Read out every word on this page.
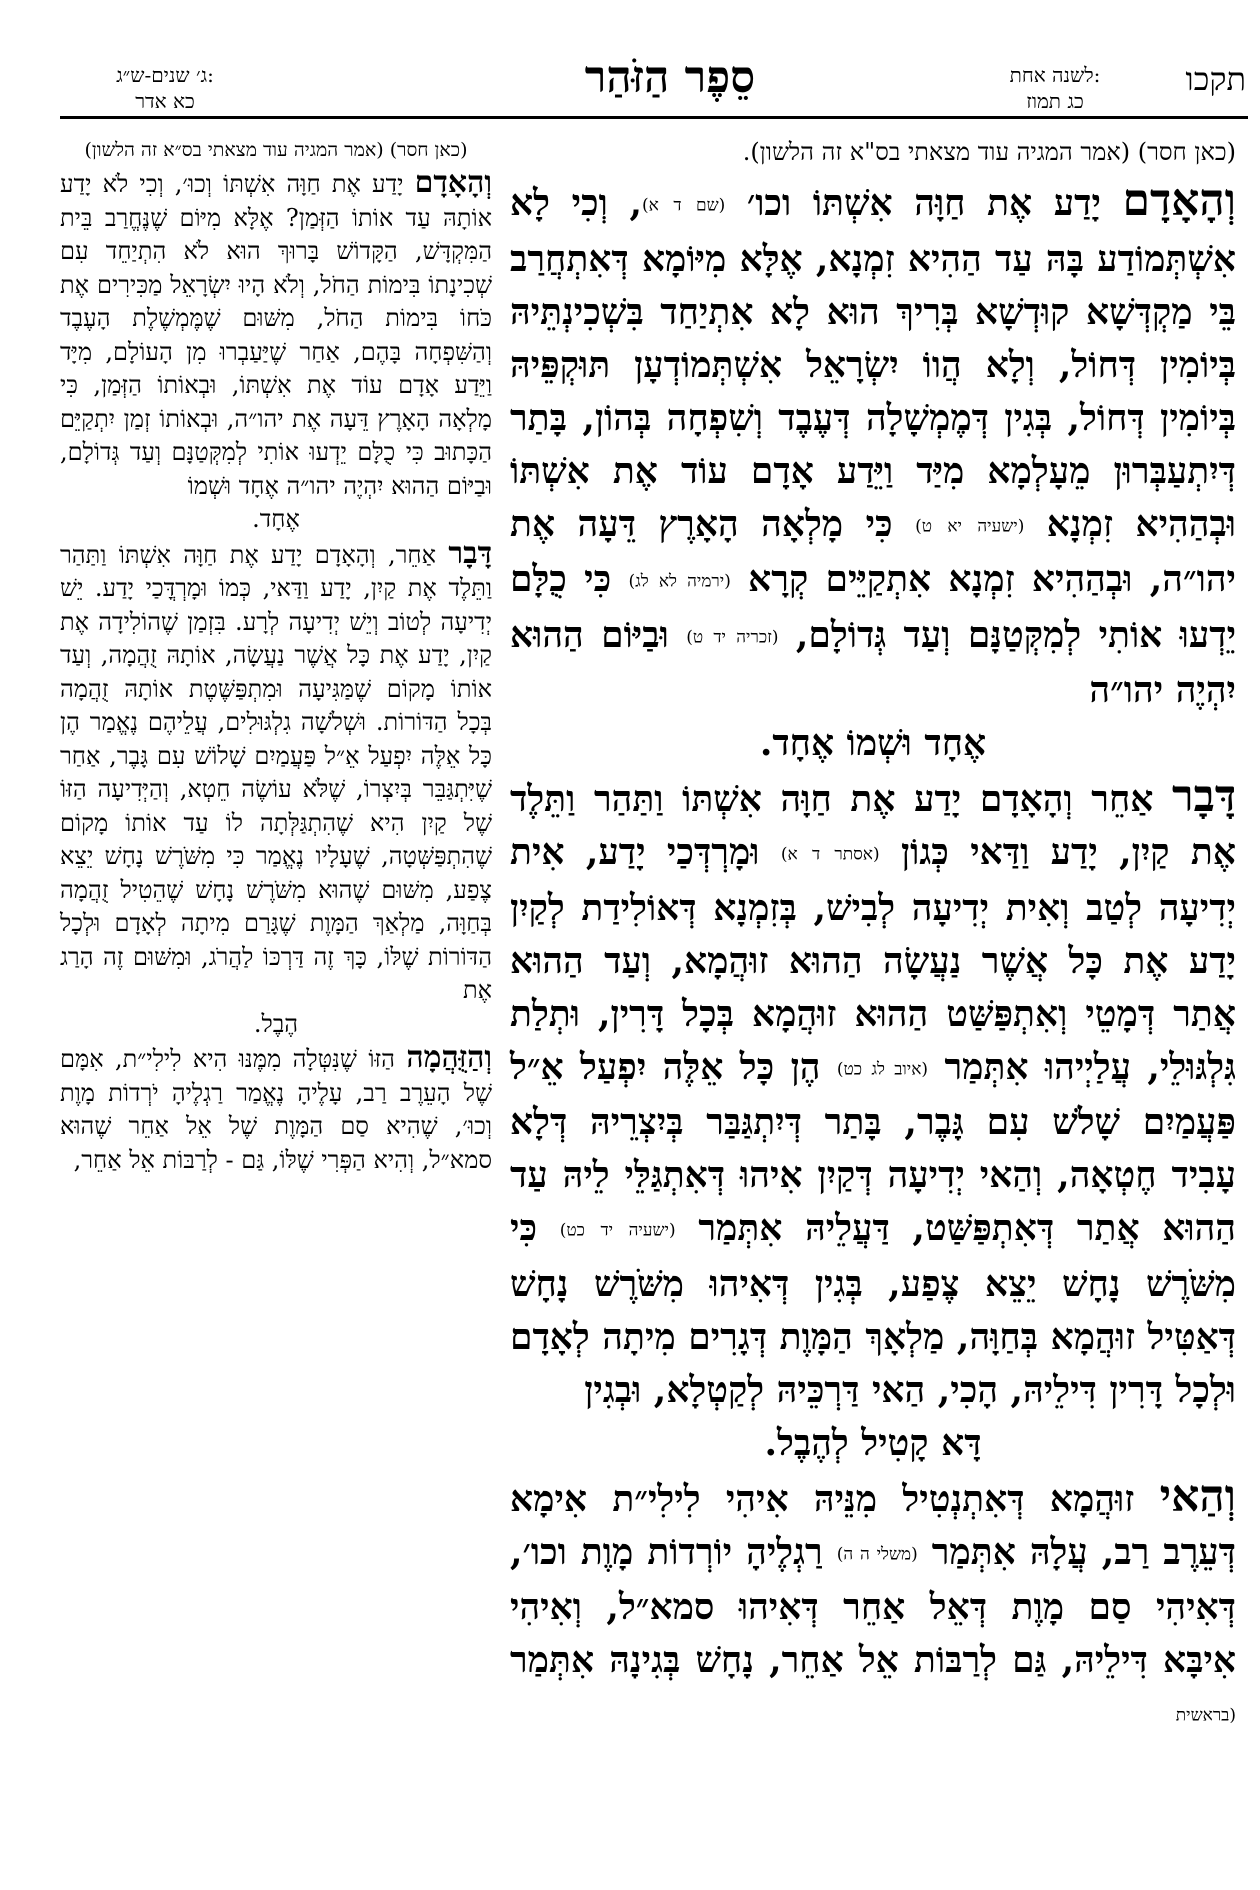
תקכו
לשנה אחת:
כג תמוז
סֵפֶר הַזֹּהַר
ג׳ שנים-ש״ג:
כא אדר
(כאן חסר) (אמר המגיה עוד מצאתי בס"א זה הלשון).

וְהָאָדָם יָדַע אֶת חַוָּה אִשְׁתּוֹ וכו׳ (שם ד א), וְכִי לָא אִשְׁתְּמוֹדַע בָּהּ עַד הַהִיא זִמְנָא, אֶלָּא מִיּוֹמָא דְּאִתְחֲרַב בֵּי מַקְדְּשָׁא קוּדְשָׁא בְּרִיךְ הוּא לָא אִתְיַחַד בִּשְׁכִינְתֵּיהּ בְּיוֹמִין דְּחוֹל, וְלָא הֲווֹ יִשְׂרָאֵל אִשְׁתְּמוֹדְעָן תּוּקְפֵּיהּ בְּיוֹמִין דְּחוֹל, בְּגִין דְּמֶמְשָׁלָה דְּעֶבֶד וְשִׁפְחָה בְּהוֹן, בָּתַר דְּיִתְעַבְּרוּן מֵעָלְמָא מִיַּד וַיֵּדַע אָדָם עוֹד אֶת אִשְׁתּוֹ וּבְהַהִיא זִמְנָא (ישעיה יא ט) כִּי מָלְאָה הָאָרֶץ דֵּעָה אֶת יהו״ה, וּבְהַהִיא זִמְנָא אִתְקַיֵּים קְרָא (ירמיה לא לג) כִּי כֻלָּם יֵדְעוּ אוֹתִי לְמִקְּטַנָּם וְעַד גְּדוֹלָם, (זכריה יד ט) וּבַיּוֹם הַהוּא יִהְיֶה יהו״ה
אֶחָד וּשְׁמוֹ אֶחָד.

דָּבָר אַחֵר וְהָאָדָם יָדַע אֶת חַוָּה אִשְׁתּוֹ וַתַּהַר וַתֵּלֶד אֶת קַיִן, יָדַע וַדַּאי כְּגוֹן (אסתר ד א) וּמָרְדְּכַי יָדַע, אִית יְדִיעָה לְטַב וְאִית יְדִיעָה לְבִישׁ, בְּזִמְנָא דְּאוֹלִידַת לְקַיִן יָדַע אֶת כָּל אֲשֶׁר נַעֲשָׂה הַהוּא זוּהֲמָא, וְעַד הַהוּא אֲתַר דְּמָטֵי וְאִתְפַּשַּׁט הַהוּא זוּהֲמָא בְּכָל דָּרִין, וּתְלַת גִּלְגּוּלֵי, עֲלַיְיהוּ אִתְּמַר (איוב לג כט) הֶן כָּל אֵלֶּה יִפְעַל אֵ״ל פַּעֲמַיִם שָׁלֹשׁ עִם גָּבֶר, בָּתַר דְּיִתְגַּבַּר בְּיִצְרֵיהּ דְּלָא עָבִיד חֶטְאָה, וְהַאי יְדִיעָה דְּקַיִן אִיהוּ דְּאִתְגַּלֵּי לֵיהּ עַד הַהוּא אֲתַר דְּאִתְפַּשַּׁט, דַּעֲלֵיהּ אִתְּמַר (ישעיה יד כט) כִּי מִשֹּׁרֶשׁ נָחָשׁ יֵצֵא צֶפַע, בְּגִין דְּאִיהוּ מִשֹּׁרֶשׁ נָחָשׁ דְּאַטִּיל זוּהֲמָא בְּחַוָּה, מַלְאָךְ הַמָּוֶת דְּגָרִים מִיתָה לְאָדָם וּלְכָל דָּרִין דִּילֵיהּ, הָכִי, הַאי דַּרְכֵּיהּ לְקַטְלָא, וּבְגִין
דָּא קָטִיל לְהֶבֶל.

וְהַאי זוּהֲמָא דְּאִתְנְטִיל מִנֵּיהּ אִיהִי לִילִי״ת אִימָא דְּעֵרֶב רַב, עֲלָהּ אִתְּמַר (משלי ה ה) רַגְלֶיהָ יוֹרְדוֹת מָוֶת וכו׳, דְּאִיהִי סַם מָוֶת דְּאֵל אַחֵר דְּאִיהוּ סמא״ל, וְאִיהִי אִיבָּא דִּילֵיהּ, גַּם לְרַבּוֹת אֵל אַחֵר, נָחָשׁ בְּגִינָהּ אִתְּמַר (בראשית

(כאן חסר) (אמר המגיה עוד מצאתי בס״א זה הלשון)

וְהָאָדָם יָדַע אֶת חַוָּה אִשְׁתּוֹ וְכוּ׳, וְכִי לֹא יָדַע אוֹתָהּ עַד אוֹתוֹ הַזְּמַן? אֶלָּא מִיּוֹם שֶׁנֶּחֱרַב בֵּית הַמִּקְדָּשׁ, הַקָּדוֹשׁ בָּרוּךְ הוּא לֹא הִתְיַחֵד עִם שְׁכִינָתוֹ בִּימוֹת הַחֹל, וְלֹא הָיוּ יִשְׂרָאֵל מַכִּירִים אֶת כֹּחוֹ בִּימוֹת הַחֹל, מִשּׁוּם שֶׁמֶּמְשֶׁלֶת הָעֶבֶד וְהַשִּׁפְחָה בָּהֶם, אַחַר שֶׁיַּעַבְרוּ מִן הָעוֹלָם, מִיָּד וַיֵּדַע אָדָם עוֹד אֶת אִשְׁתּוֹ, וּבְאוֹתוֹ הַזְּמַן, כִּי מָלְאָה הָאָרֶץ דֵּעָה אֶת יהו״ה, וּבְאוֹתוֹ זְמַן יִתְקַיֵּם הַכָּתוּב כִּי כֻלָּם יֵדְעוּ אוֹתִי לְמִקְּטַנָּם וְעַד גְּדוֹלָם, וּבַיּוֹם הַהוּא יִהְיֶה יהו״ה אֶחָד וּשְׁמוֹ
אֶחָד.

דָּבָר אַחֵר, וְהָאָדָם יָדַע אֶת חַוָּה אִשְׁתּוֹ וַתַּהַר וַתֵּלֶד אֶת קַיִן, יָדַע וַדַּאי, כְּמוֹ וּמָרְדֳּכַי יָדַע. יֵשׁ יְדִיעָה לְטוֹב וְיֵשׁ יְדִיעָה לְרָע. בִּזְמַן שֶׁהוֹלִידָה אֶת קַיִן, יָדַע אֶת כָּל אֲשֶׁר נַעֲשָׂה, אוֹתָהּ זֻהֲמָה, וְעַד אוֹתוֹ מָקוֹם שֶׁמַּגִּיעָה וּמִתְפַּשֶּׁטֶת אוֹתָהּ זֻהֲמָה בְּכָל הַדּוֹרוֹת. וּשְׁלֹשָׁה גִלְגּוּלִים, עֲלֵיהֶם נֶאֱמַר הֶן כָּל אֵלֶּה יִפְעַל אֵ״ל פַּעֲמַיִם שָׁלוֹשׁ עִם גָּבֶר, אַחַר שֶׁיִּתְגַּבֵּר בְּיִצְרוֹ, שֶׁלֹּא עוֹשֶׂה חֵטְא, וְהַיְּדִיעָה הַזּוֹ שֶׁל קַיִן הִיא שֶׁהִתְגַּלְּתָה לוֹ עַד אוֹתוֹ מָקוֹם שֶׁהִתְפַּשְּׁטָה, שֶׁעָלָיו נֶאֱמַר כִּי מִשֹּׁרֶשׁ נָחָשׁ יֵצֵא צֶפַע, מִשּׁוּם שֶׁהוּא מִשֹּׁרֶשׁ נָחָשׁ שֶׁהֵטִיל זֻהֲמָה בְּחַוָּה, מַלְאַךְ הַמָּוֶת שֶׁגָּרַם מִיתָה לְאָדָם וּלְכָל הַדּוֹרוֹת שֶׁלּוֹ, כָּךְ זֶה דַּרְכּוֹ לַהֲרֹג, וּמִשּׁוּם זֶה הָרַג אֶת
הֶבֶל.

וְהַזֻּהֲמָה הַזּוֹ שֶׁנִּטְּלָה מִמֶּנּוּ הִיא לִילִי״ת, אִמָּם שֶׁל הָעֵרֶב רַב, עָלֶיהָ נֶאֱמַר רַגְלֶיהָ יֹרְדוֹת מָוֶת וְכוּ׳, שֶׁהִיא סַם הַמָּוֶת שֶׁל אֵל אַחֵר שֶׁהוּא סמא״ל, וְהִיא הַפְּרִי שֶׁלּוֹ, גַּם - לְרַבּוֹת אֵל אַחֵר,
